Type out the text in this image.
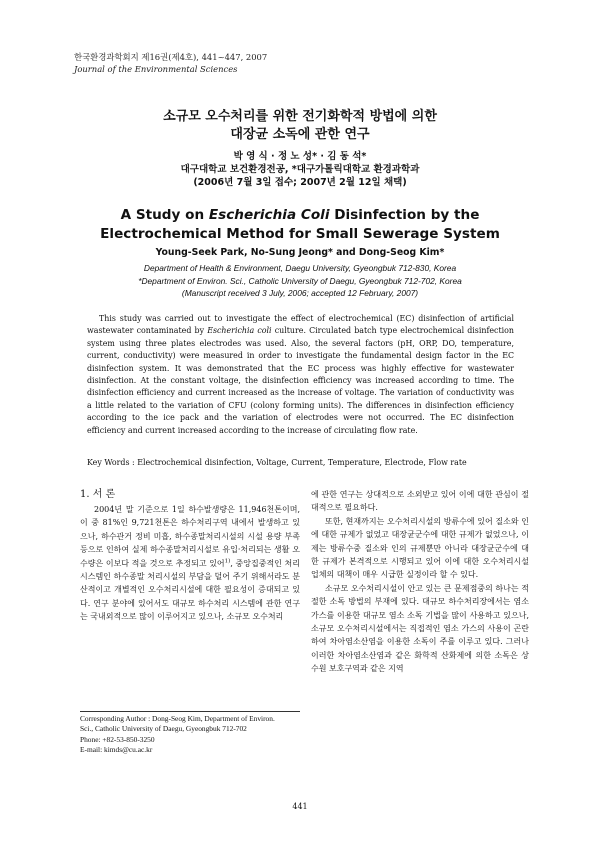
한국환경과학회지 제16권(제4호), 441~447, 2007
Journal of the Environmental Sciences
소규모 오수처리를 위한 전기화학적 방법에 의한
대장균 소독에 관한 연구
박 영 식 · 정 노 성* · 김 동 석*
대구대학교 보건환경전공, *대구가톨릭대학교 환경과학과
(2006년 7월 3일 접수; 2007년 2월 12일 채택)
A Study on Escherichia Coli Disinfection by the
Electrochemical Method for Small Sewerage System
Young-Seek Park, No-Sung Jeong* and Dong-Seog Kim*
Department of Health & Environment, Daegu University, Gyeongbuk 712-830, Korea
*Department of Environ. Sci., Catholic University of Daegu, Gyeongbuk 712-702, Korea
(Manuscript received 3 July, 2006; accepted 12 February, 2007)
This study was carried out to investigate the effect of electrochemical (EC) disinfection of artificial wastewater contaminated by Escherichia coli culture. Circulated batch type electrochemical disinfection system using three plates electrodes was used. Also, the several factors (pH, ORP, DO, temperature, current, conductivity) were measured in order to investigate the fundamental design factor in the EC disinfection system. It was demonstrated that the EC process was highly effective for wastewater disinfection. At the constant voltage, the disinfection efficiency was increased according to time. The disinfection efficiency and current increased as the increase of voltage. The variation of conductivity was a little related to the variation of CFU (colony forming units). The differences in disinfection efficiency according to the ice pack and the variation of electrodes were not occurred. The EC disinfection efficiency and current increased according to the increase of circulating flow rate.
Key Words : Electrochemical disinfection, Voltage, Current, Temperature, Electrode, Flow rate
1. 서 론

2004년 말 기준으로 1일 하수발생량은 11,946천톤이며, 이 중 81%인 9,721천톤은 하수처리구역 내에서 발생하고 있으나, 하수관거 정비 미흡, 하수종말처리시설의 시설 용량 부족 등으로 인하여 실제 하수종말처리시설로 유입·처리되는 생활 오수량은 이보다 적을 것으로 추정되고 있어$^{1)}$, 중앙집중적인 처리시스템인 하수종말 처리시설의 부담을 덜어 주기 위해서라도 분산적이고 개별적인 오수처리시설에 대한 필요성이 증대되고 있다. 연구 분야에 있어서도 대규모 하수처리 시스템에 관한 연구는 국내외적으로 많이 이루어지고 있으나, 소규모 오수처리

Corresponding Author : Dong-Seog Kim, Department of Environ.
Sci., Catholic University of Daegu, Gyeongbuk 712-702
Phone: +82-53-850-3250
E-mail: kimds@cu.ac.kr

에 관한 연구는 상대적으로 소외받고 있어 이에 대한 관심이 절대적으로 필요하다.

또한, 현재까지는 오수처리시설의 방류수에 있어 질소와 인에 대한 규제가 없었고 대장균군수에 대한 규제가 없었으나, 이제는 방류수중 질소와 인의 규제뿐만 아니라 대장균군수에 대한 규제가 본격적으로 시행되고 있어 이에 대한 오수처리시설 업체의 대책이 매우 시급한 실정이라 할 수 있다.

소규모 오수처리시설이 안고 있는 큰 문제점중의 하나는 적절한 소독 방법의 부재에 있다. 대규모 하수처리장에서는 염소 가스를 이용한 대규모 염소 소독 기법을 많이 사용하고 있으나, 소규모 오수처리시설에서는 직접적인 염소 가스의 사용이 곤란하여 차아염소산염을 이용한 소독이 주를 이루고 있다. 그러나 이러한 차아염소산염과 같은 화학적 산화제에 의한 소독은 상수원 보호구역과 같은 지역

441
